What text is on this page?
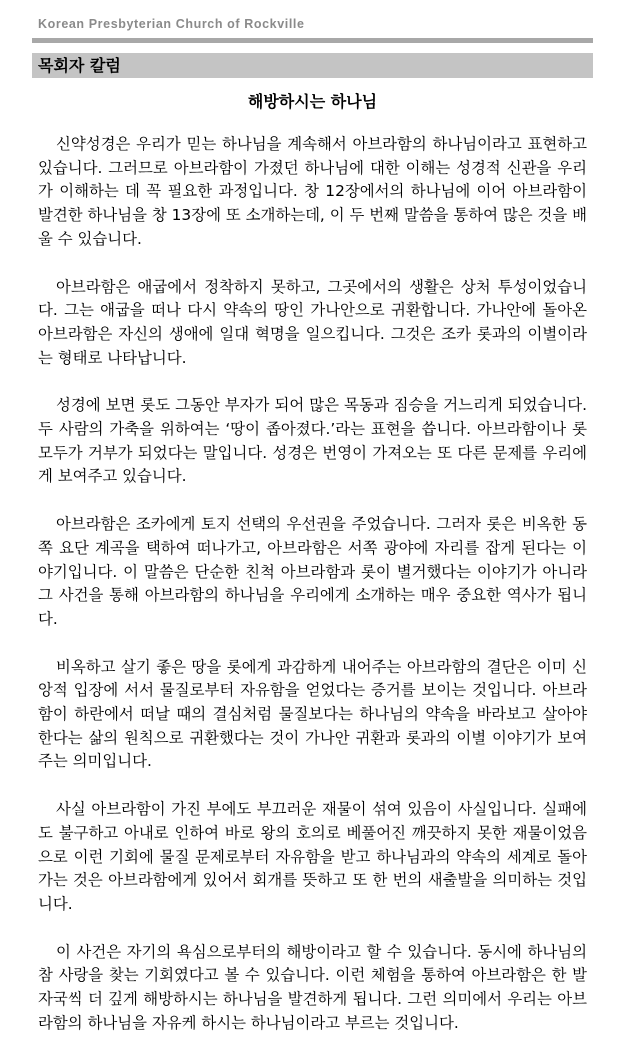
Korean Presbyterian Church of Rockville
목회자 칼럼
해방하시는 하나님

신약성경은 우리가 믿는 하나님을 계속해서 아브라함의 하나님이라고 표현하고 있습니다. 그러므로 아브라함이 가졌던 하나님에 대한 이해는 성경적 신관을 우리가 이해하는 데 꼭 필요한 과정입니다. 창 12장에서의 하나님에 이어 아브라함이 발견한 하나님을 창 13장에 또 소개하는데, 이 두 번째 말씀을 통하여 많은 것을 배울 수 있습니다.

아브라함은 애굽에서 정착하지 못하고, 그곳에서의 생활은 상처 투성이었습니다. 그는 애굽을 떠나 다시 약속의 땅인 가나안으로 귀환합니다. 가나안에 돌아온 아브라함은 자신의 생애에 일대 혁명을 일으킵니다. 그것은 조카 롯과의 이별이라는 형태로 나타납니다.

성경에 보면 롯도 그동안 부자가 되어 많은 목동과 짐승을 거느리게 되었습니다. 두 사람의 가축을 위하여는 ‘땅이 좁아졌다.’라는 표현을 씁니다. 아브라함이나 롯 모두가 거부가 되었다는 말입니다. 성경은 번영이 가져오는 또 다른 문제를 우리에게 보여주고 있습니다.

아브라함은 조카에게 토지 선택의 우선권을 주었습니다. 그러자 롯은 비옥한 동쪽 요단 계곡을 택하여 떠나가고, 아브라함은 서쪽 광야에 자리를 잡게 된다는 이야기입니다. 이 말씀은 단순한 친척 아브라함과 롯이 별거했다는 이야기가 아니라 그 사건을 통해 아브라함의 하나님을 우리에게 소개하는 매우 중요한 역사가 됩니다.

비옥하고 살기 좋은 땅을 롯에게 과감하게 내어주는 아브라함의 결단은 이미 신앙적 입장에 서서 물질로부터 자유함을 얻었다는 증거를 보이는 것입니다. 아브라함이 하란에서 떠날 때의 결심처럼 물질보다는 하나님의 약속을 바라보고 살아야 한다는 삶의 원칙으로 귀환했다는 것이 가나안 귀환과 롯과의 이별 이야기가 보여주는 의미입니다.

사실 아브라함이 가진 부에도 부끄러운 재물이 섞여 있음이 사실입니다. 실패에도 불구하고 아내로 인하여 바로 왕의 호의로 베풀어진 깨끗하지 못한 재물이었음으로 이런 기회에 물질 문제로부터 자유함을 받고 하나님과의 약속의 세계로 돌아가는 것은 아브라함에게 있어서 회개를 뜻하고 또 한 번의 새출발을 의미하는 것입니다.

이 사건은 자기의 욕심으로부터의 해방이라고 할 수 있습니다. 동시에 하나님의 참 사랑을 찾는 기회였다고 볼 수 있습니다. 이런 체험을 통하여 아브라함은 한 발자국씩 더 깊게 해방하시는 하나님을 발견하게 됩니다. 그런 의미에서 우리는 아브라함의 하나님을 자유케 하시는 하나님이라고 부르는 것입니다.
